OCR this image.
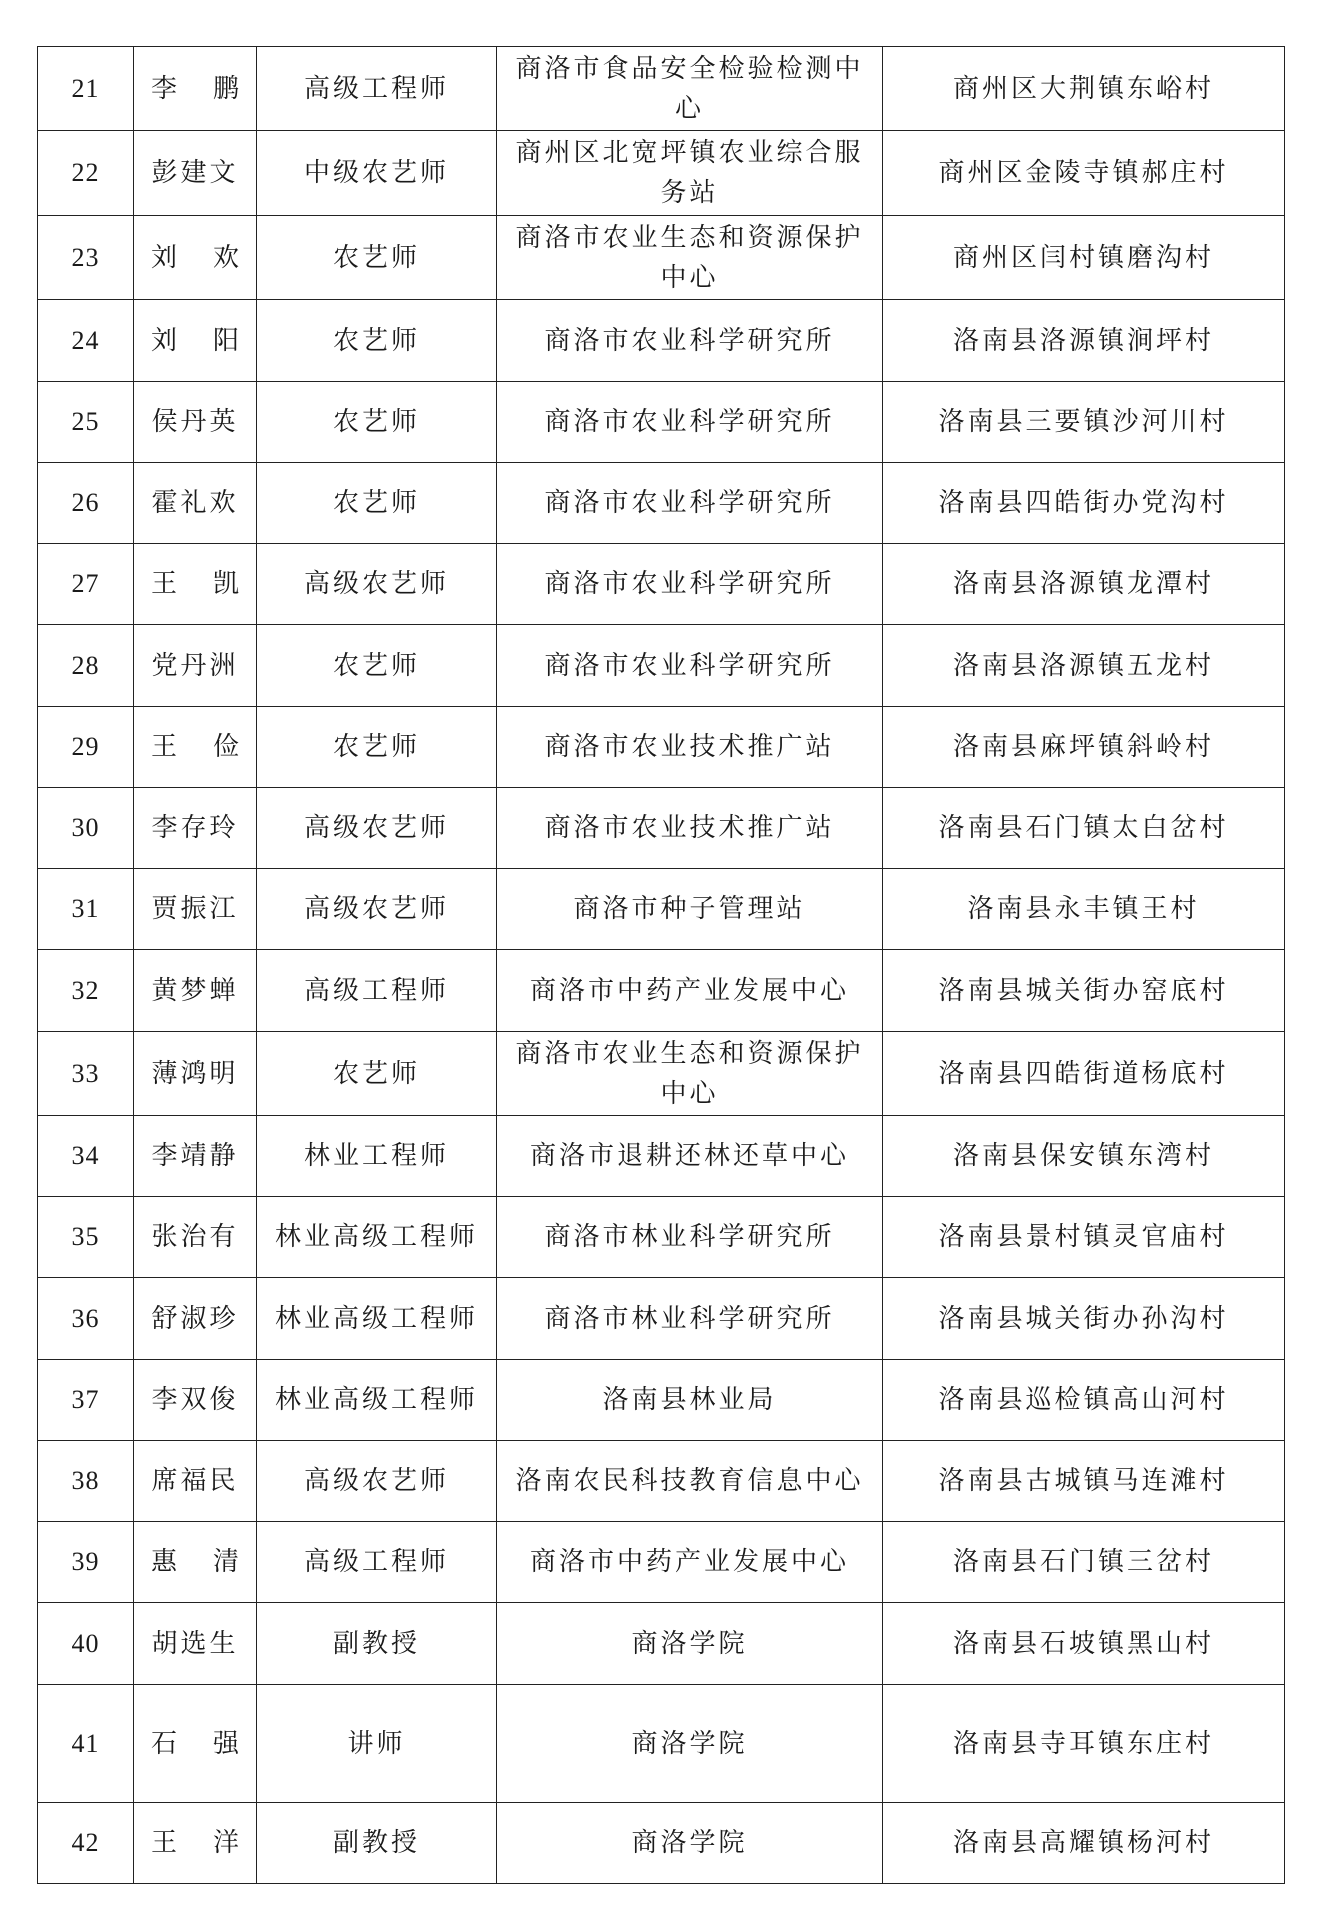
21	李　鹏	高级工程师	商洛市食品安全检验检测中心	商州区大荆镇东峪村
22	彭建文	中级农艺师	商州区北宽坪镇农业综合服务站	商州区金陵寺镇郝庄村
23	刘　欢	农艺师	商洛市农业生态和资源保护中心	商州区闫村镇磨沟村
24	刘　阳	农艺师	商洛市农业科学研究所	洛南县洛源镇涧坪村
25	侯丹英	农艺师	商洛市农业科学研究所	洛南县三要镇沙河川村
26	霍礼欢	农艺师	商洛市农业科学研究所	洛南县四皓街办党沟村
27	王　凯	高级农艺师	商洛市农业科学研究所	洛南县洛源镇龙潭村
28	党丹洲	农艺师	商洛市农业科学研究所	洛南县洛源镇五龙村
29	王　俭	农艺师	商洛市农业技术推广站	洛南县麻坪镇斜岭村
30	李存玲	高级农艺师	商洛市农业技术推广站	洛南县石门镇太白岔村
31	贾振江	高级农艺师	商洛市种子管理站	洛南县永丰镇王村
32	黄梦蝉	高级工程师	商洛市中药产业发展中心	洛南县城关街办窑底村
33	薄鸿明	农艺师	商洛市农业生态和资源保护中心	洛南县四皓街道杨底村
34	李靖静	林业工程师	商洛市退耕还林还草中心	洛南县保安镇东湾村
35	张治有	林业高级工程师	商洛市林业科学研究所	洛南县景村镇灵官庙村
36	舒淑珍	林业高级工程师	商洛市林业科学研究所	洛南县城关街办孙沟村
37	李双俊	林业高级工程师	洛南县林业局	洛南县巡检镇高山河村
38	席福民	高级农艺师	洛南农民科技教育信息中心	洛南县古城镇马连滩村
39	惠　清	高级工程师	商洛市中药产业发展中心	洛南县石门镇三岔村
40	胡选生	副教授	商洛学院	洛南县石坡镇黑山村
41	石　强	讲师	商洛学院	洛南县寺耳镇东庄村
42	王　洋	副教授	商洛学院	洛南县高耀镇杨河村
